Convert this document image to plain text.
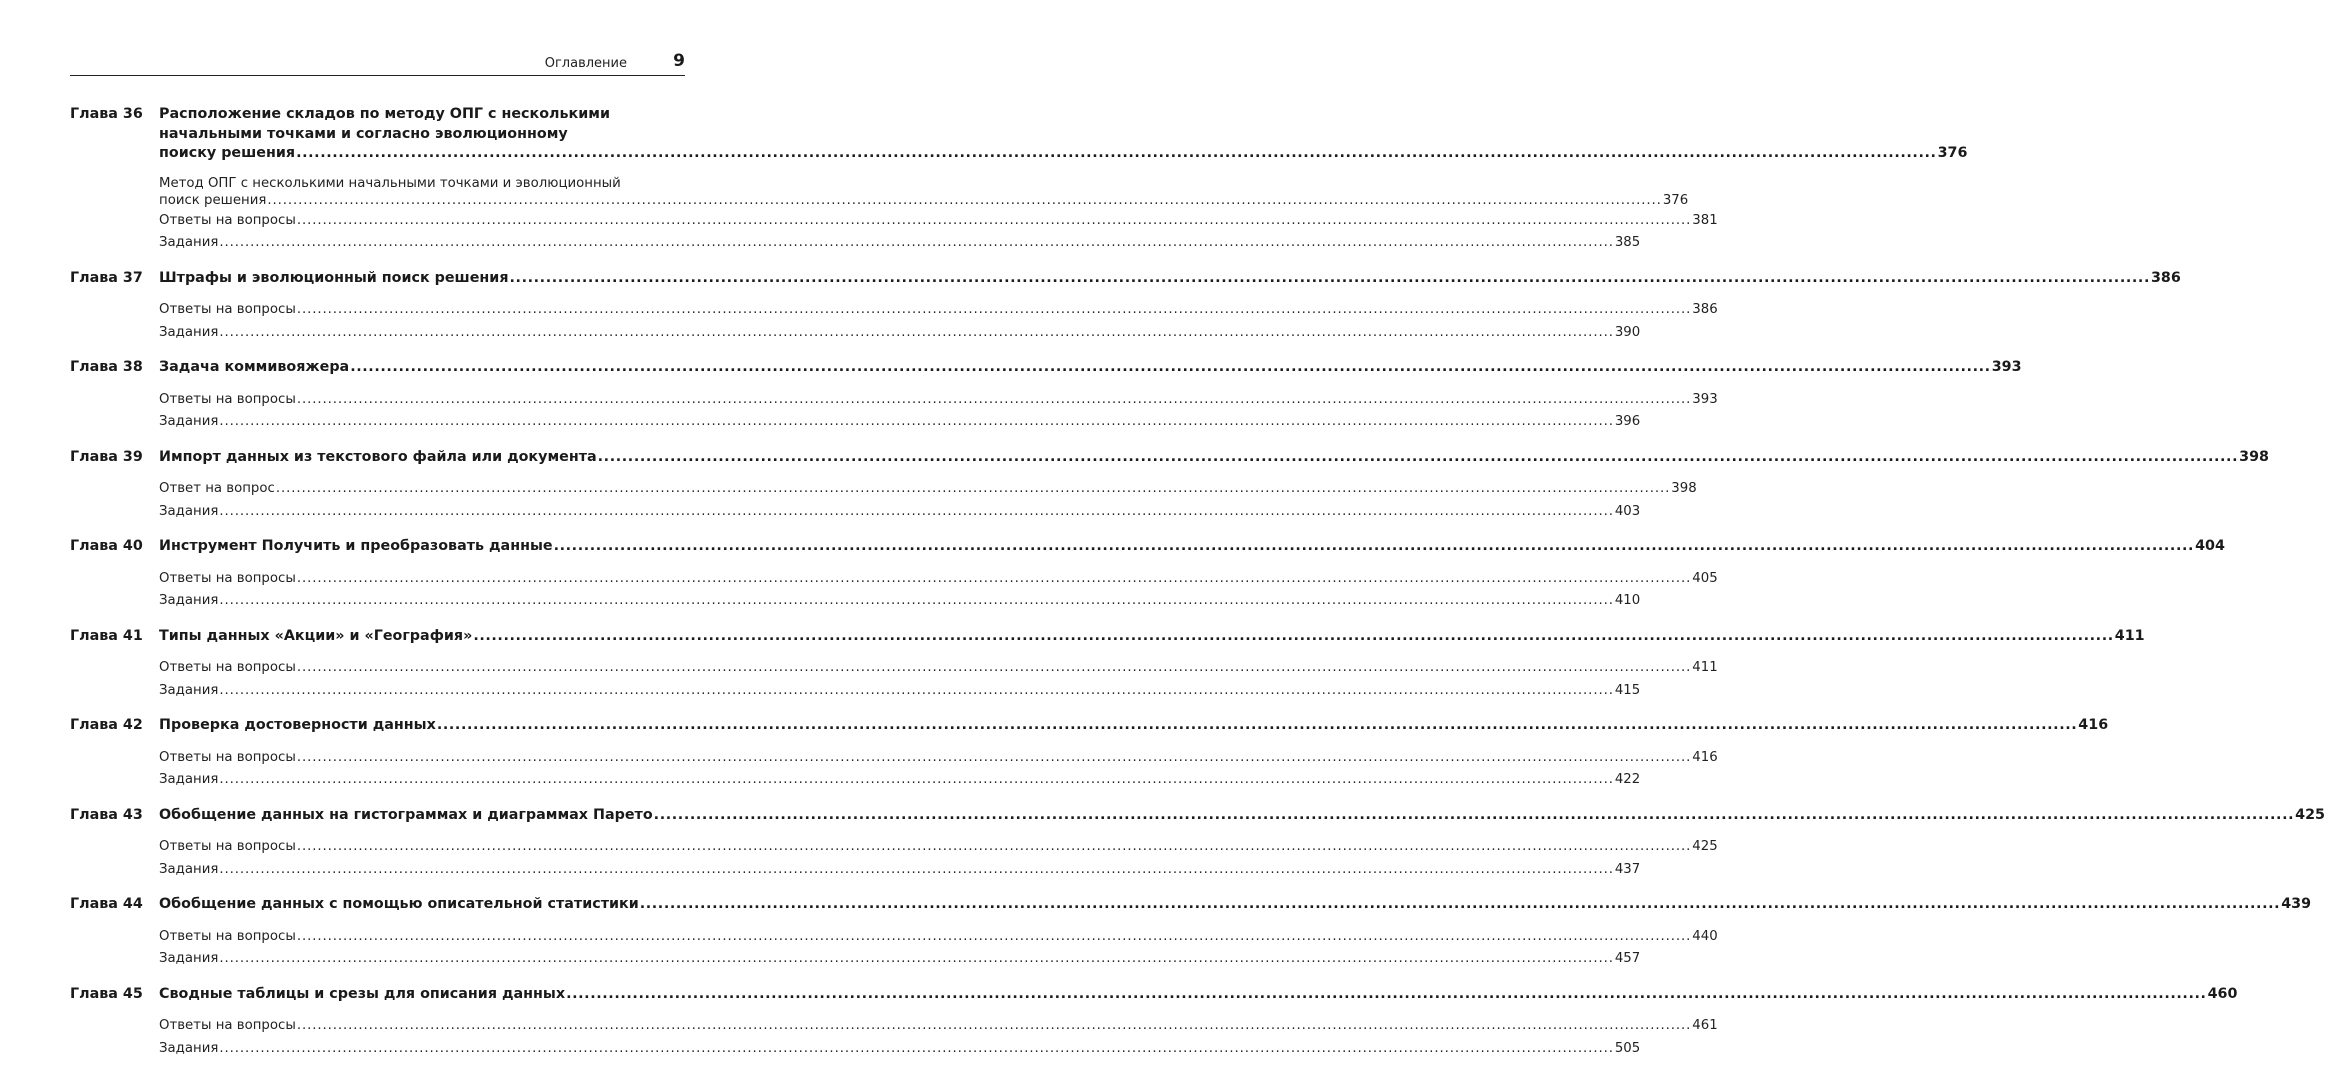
Оглавление	9
Глава 36	Расположение складов по методу ОПГ с несколькими
начальными точками и согласно эволюционному
поиску решения .....	376
Метод ОПГ с несколькими начальными точками и эволюционный
поиск решения .....	376
Ответы на вопросы .....	381
Задания .....	385
Глава 37	Штрафы и эволюционный поиск решения .....	386
Ответы на вопросы .....	386
Задания .....	390
Глава 38	Задача коммивояжера .....	393
Ответы на вопросы .....	393
Задания .....	396
Глава 39	Импорт данных из текстового файла или документа .....	398
Ответ на вопрос .....	398
Задания .....	403
Глава 40	Инструмент Получить и преобразовать данные .....	404
Ответы на вопросы .....	405
Задания .....	410
Глава 41	Типы данных «Акции» и «География» .....	411
Ответы на вопросы .....	411
Задания .....	415
Глава 42	Проверка достоверности данных .....	416
Ответы на вопросы .....	416
Задания .....	422
Глава 43	Обобщение данных на гистограммах и диаграммах Парето .....	425
Ответы на вопросы .....	425
Задания .....	437
Глава 44	Обобщение данных с помощью описательной статистики .....	439
Ответы на вопросы .....	440
Задания .....	457
Глава 45	Сводные таблицы и срезы для описания данных .....	460
Ответы на вопросы .....	461
Задания .....	505
